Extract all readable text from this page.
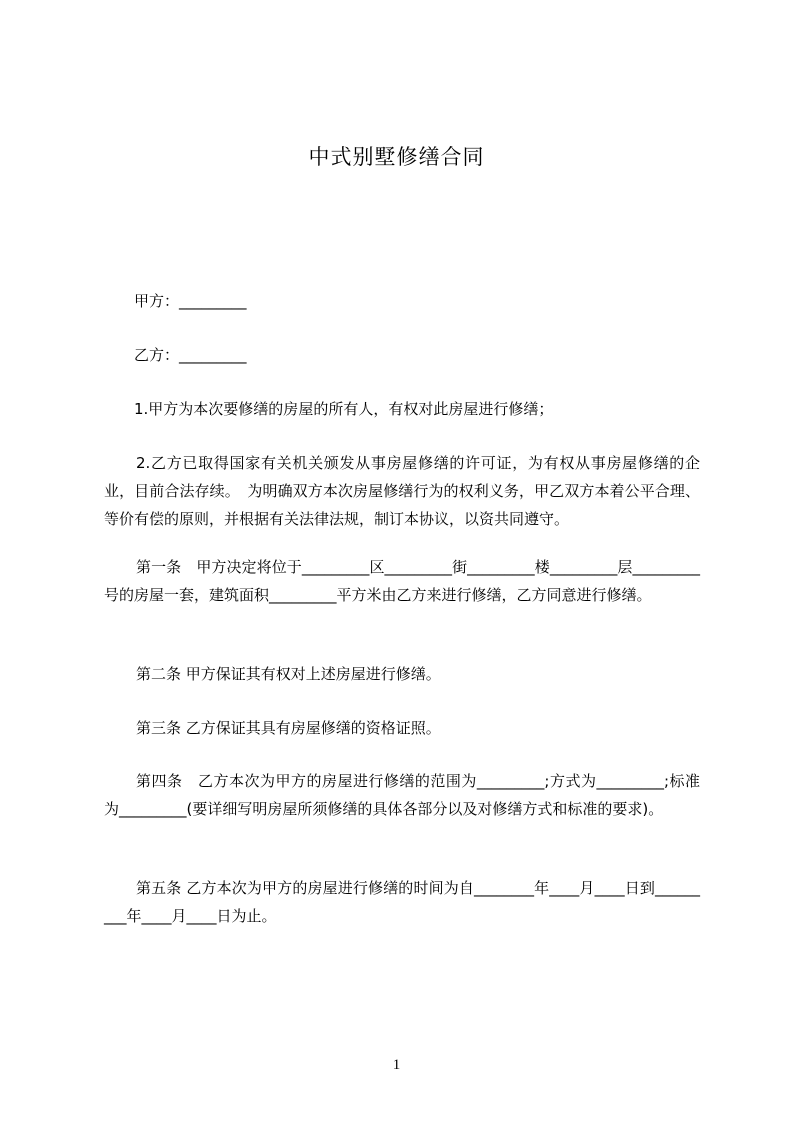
中式别墅修缮合同

甲方：_________

乙方：_________

1.甲方为本次要修缮的房屋的所有人，有权对此房屋进行修缮；

2.乙方已取得国家有关机关颁发从事房屋修缮的许可证，为有权从事房屋修缮的企业，目前合法存续。　为明确双方本次房屋修缮行为的权利义务，甲乙双方本着公平合理、等价有偿的原则，并根据有关法律法规，制订本协议，以资共同遵守。

第一条　甲方决定将位于_________区_________街_________楼_________层_________号的房屋一套，建筑面积_________平方米由乙方来进行修缮，乙方同意进行修缮。

第二条 甲方保证其有权对上述房屋进行修缮。

第三条 乙方保证其具有房屋修缮的资格证照。

第四条　乙方本次为甲方的房屋进行修缮的范围为_________;方式为_________;标准为_________(要详细写明房屋所须修缮的具体各部分以及对修缮方式和标准的要求)。

第五条 乙方本次为甲方的房屋进行修缮的时间为自________年____月____日到_________年____月____日为止。

1
